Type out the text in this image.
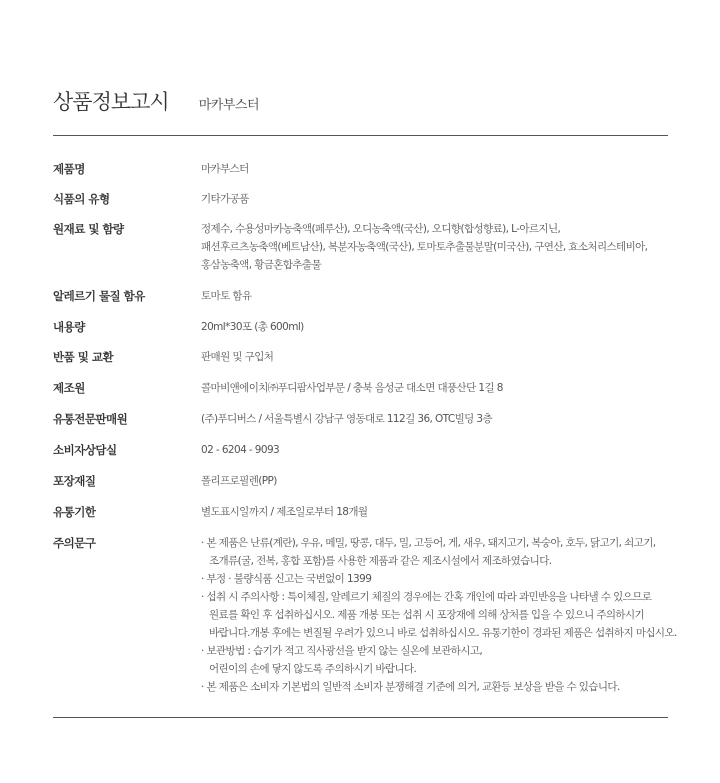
상품정보고시 마카부스터
제품명	마카부스터
식품의 유형	기타가공품
원재료 및 함량	정제수, 수용성마카농축액(페루산), 오디농축액(국산), 오디향(합성향료), L-아르지닌,
패션후르츠농축액(베트남산), 복분자농축액(국산), 토마토추출물분말(미국산), 구연산, 효소처리스테비아,
홍삼농축액, 황금혼합추출물
알레르기 물질 함유	토마토 함유
내용량	20ml*30포 (총 600ml)
반품 및 교환	판매원 및 구입처
제조원	콜마비앤에이치㈜푸디팜사업부문 / 충북 음성군 대소면 대풍산단 1길 8
유통전문판매원	(주)푸디버스 / 서울특별시 강남구 영동대로 112길 36, OTC빌딩 3층
소비자상담실	02 - 6204 - 9093
포장재질	폴리프로필렌(PP)
유통기한	별도표시일까지 / 제조일로부터 18개월
주의문구	· 본 제품은 난류(계란), 우유, 메밀, 땅콩, 대두, 밀, 고등어, 게, 새우, 돼지고기, 복숭아, 호두, 닭고기, 쇠고기,
조개류(굴, 전복, 홍합 포함)를 사용한 제품과 같은 제조시설에서 제조하였습니다.
· 부정 · 불량식품 신고는 국번없이 1399
· 섭취 시 주의사항 : 특이체질, 알레르기 체질의 경우에는 간혹 개인에 따라 과민반응을 나타낼 수 있으므로
원료를 확인 후 섭취하십시오. 제품 개봉 또는 섭취 시 포장재에 의해 상처를 입을 수 있으니 주의하시기
바랍니다.개봉 후에는 변질될 우려가 있으니 바로 섭취하십시오. 유통기한이 경과된 제품은 섭취하지 마십시오.
· 보관방법 : 습기가 적고 직사광선을 받지 않는 실온에 보관하시고,
어린이의 손에 닿지 않도록 주의하시기 바랍니다.
· 본 제품은 소비자 기본법의 일반적 소비자 분쟁해결 기준에 의거, 교환등 보상을 받을 수 있습니다.
